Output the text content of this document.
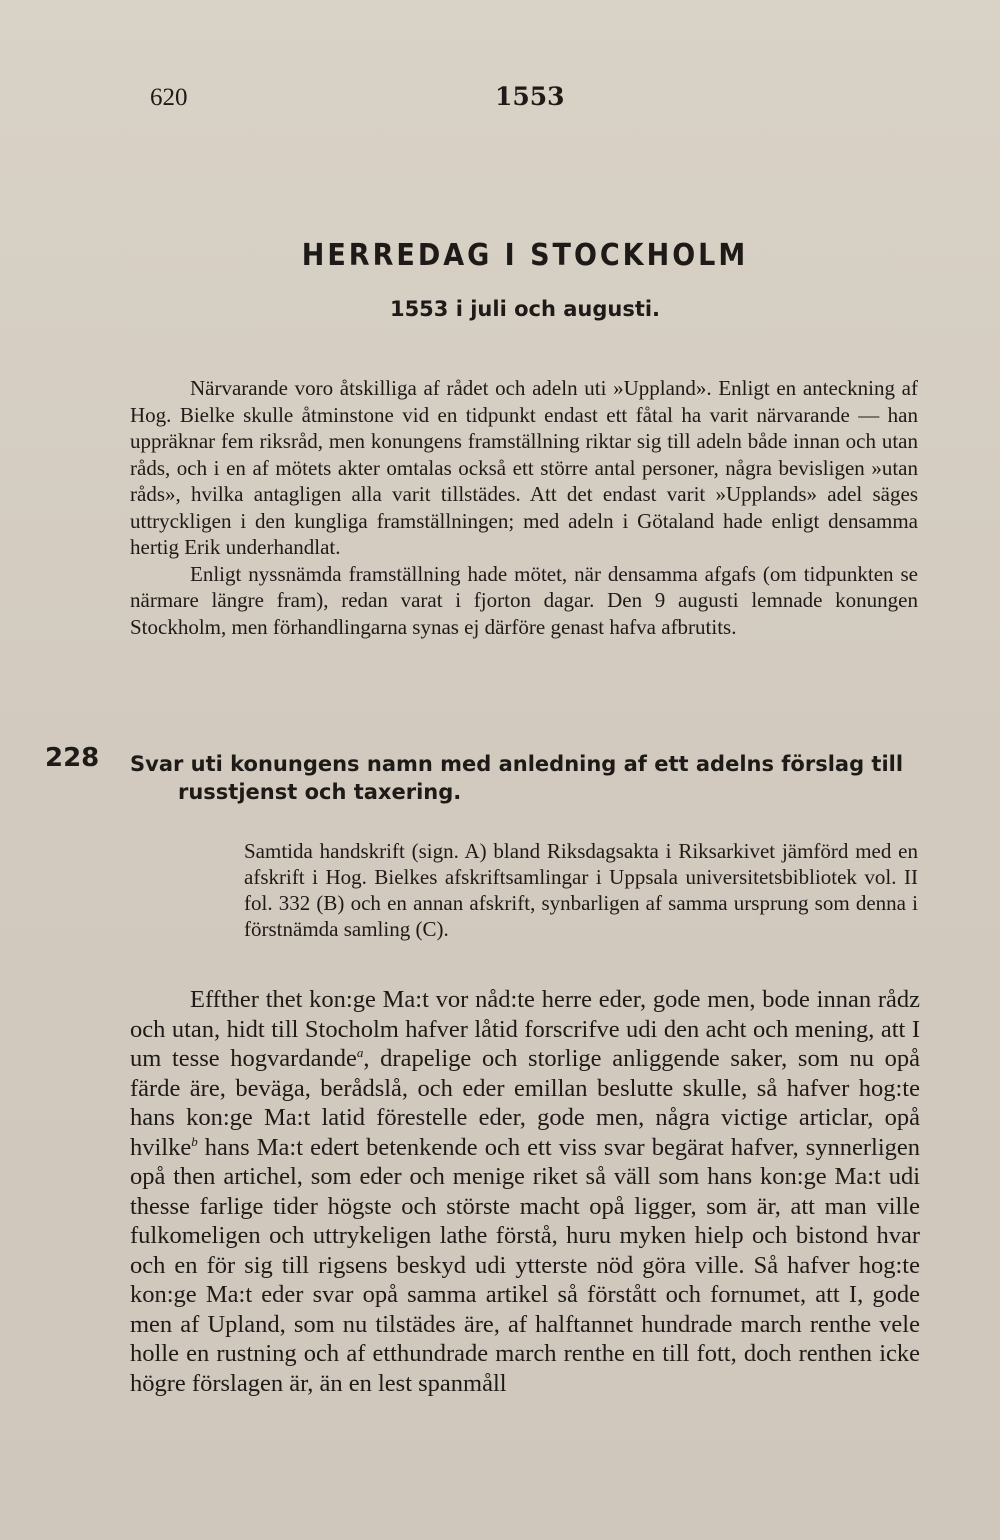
620	1553
HERREDAG I STOCKHOLM
1553 i juli och augusti.

Närvarande voro åtskilliga af rådet och adeln uti »Uppland». Enligt en anteckning af Hog. Bielke skulle åtminstone vid en tidpunkt endast ett fåtal ha varit närvarande — han uppräknar fem riksråd, men konungens framställning riktar sig till adeln både innan och utan råds, och i en af mötets akter omtalas också ett större antal personer, några bevisligen »utan råds», hvilka antagligen alla varit tillstädes. Att det endast varit »Upplands» adel säges uttryckligen i den kungliga framställningen; med adeln i Götaland hade enligt densamma hertig Erik underhandlat.

Enligt nyssnämda framställning hade mötet, när densamma afgafs (om tidpunkten se närmare längre fram), redan varat i fjorton dagar. Den 9 augusti lemnade konungen Stockholm, men förhandlingarna synas ej därföre genast hafva afbrutits.

228 Svar uti konungens namn med anledning af ett adelns förslag till
russtjenst och taxering.
Samtida handskrift (sign. A) bland Riksdagsakta i Riksarkivet jämförd med en afskrift i Hog. Bielkes afskriftsamlingar i Uppsala universitetsbibliotek vol. II fol. 332 (B) och en annan afskrift, synbarligen af samma ursprung som denna i förstnämda samling (C).

Effther thet kon:ge Ma:t vor nåd:te herre eder, gode men, bode innan rådz och utan, hidt till Stocholm hafver låtid forscrifve udi den acht och mening, att I um tesse hogvardande$^a$, drapelige och storlige anliggende saker, som nu opå färde äre, beväga, berådslå, och eder emillan beslutte skulle, så hafver hog:te hans kon:ge Ma:t latid förestelle eder, gode men, några victige articlar, opå hvilke$^b$ hans Ma:t edert betenkende och ett viss svar begärat hafver, synnerligen opå then artichel, som eder och menige riket så väll som hans kon:ge Ma:t udi thesse farlige tider högste och störste macht opå ligger, som är, att man ville fulkomeligen och uttrykeligen lathe förstå, huru myken hielp och bistond hvar och en för sig till rigsens beskyd udi ytterste nöd göra ville. Så hafver hog:te kon:ge Ma:t eder svar opå samma artikel så förstått och fornumet, att I, gode men af Upland, som nu tilstädes äre, af halftannet hundrade march renthe vele holle en rustning och af etthundrade march renthe en till fott, doch renthen icke högre förslagen är, än en lest spanmåll
